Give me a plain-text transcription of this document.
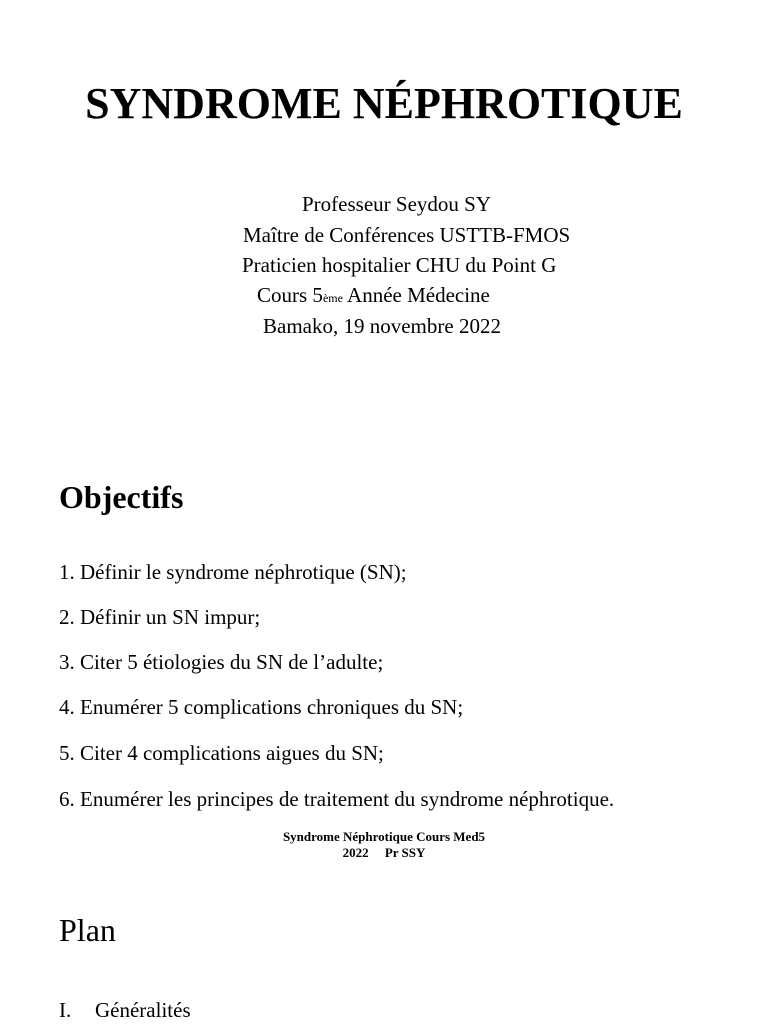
SYNDROME NÉPHROTIQUE
Professeur Seydou SY
Maître de Conférences USTTB-FMOS
Praticien hospitalier CHU du Point G
Cours 5ème Année Médecine
Bamako, 19 novembre 2022
Objectifs
1. Définir le syndrome néphrotique (SN);
2. Définir un SN impur;
3. Citer 5 étiologies du SN de l’adulte;
4. Enumérer 5 complications chroniques du SN;
5. Citer 4 complications aigues du SN;
6. Enumérer les principes de traitement du syndrome néphrotique.
Syndrome Néphrotique Cours Med5
2022     Pr SSY
Plan
I. Généralités
